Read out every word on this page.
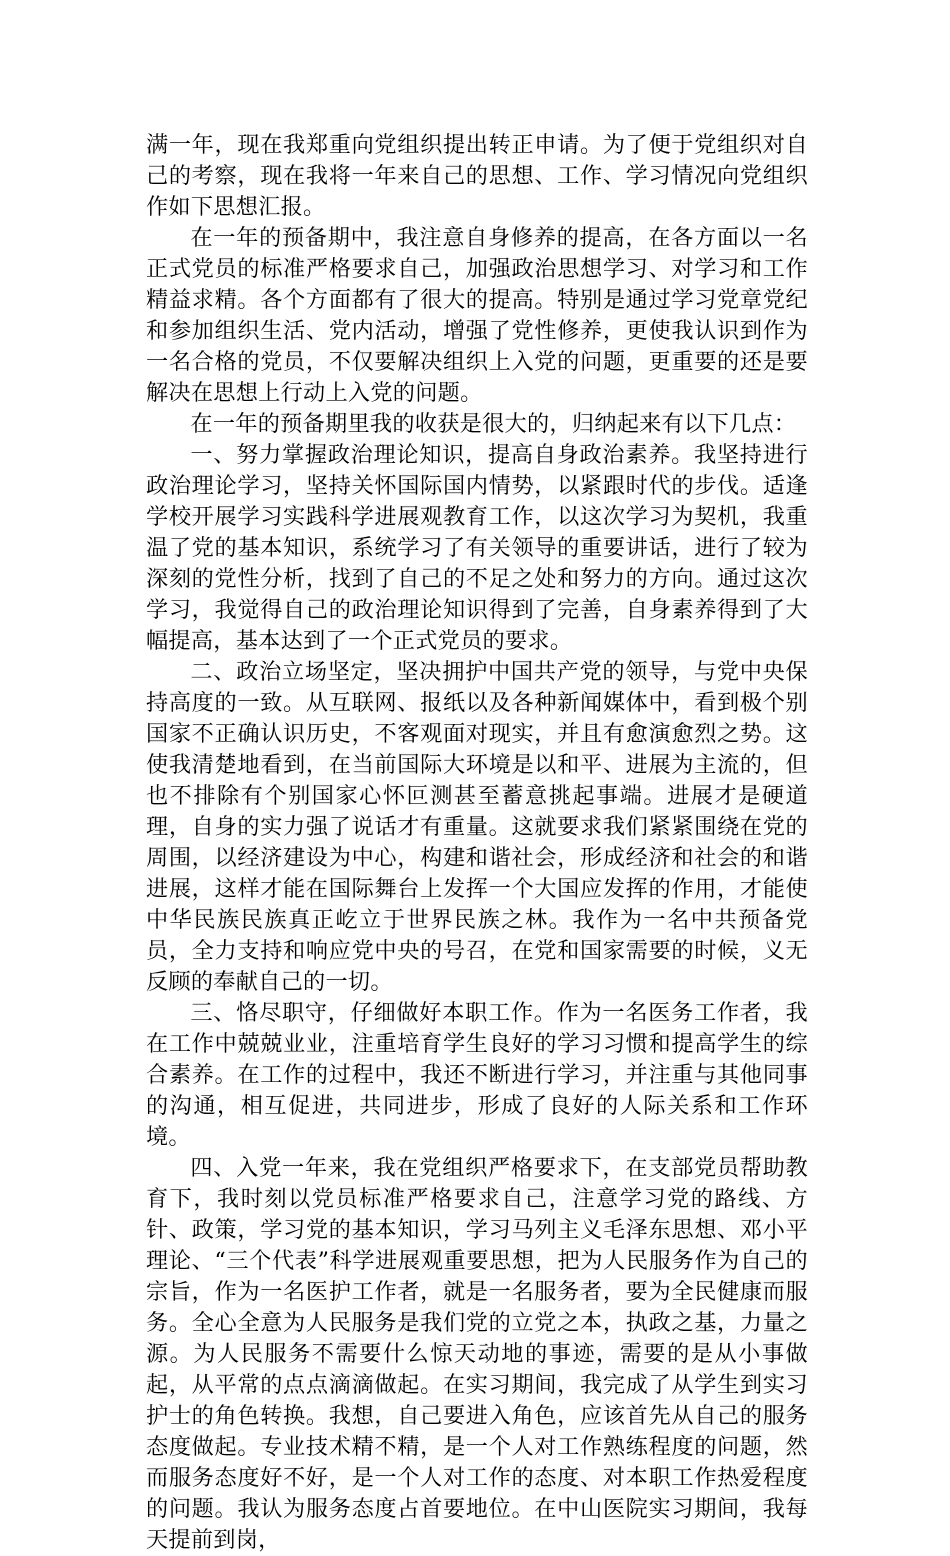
满一年，现在我郑重向党组织提出转正申请。为了便于党组织对自己的考察，现在我将一年来自己的思想、工作、学习情况向党组织作如下思想汇报。

在一年的预备期中，我注意自身修养的提高，在各方面以一名正式党员的标准严格要求自己，加强政治思想学习、对学习和工作精益求精。各个方面都有了很大的提高。特别是通过学习党章党纪和参加组织生活、党内活动，增强了党性修养，更使我认识到作为一名合格的党员，不仅要解决组织上入党的问题，更重要的还是要解决在思想上行动上入党的问题。

在一年的预备期里我的收获是很大的，归纳起来有以下几点：

一、努力掌握政治理论知识，提高自身政治素养。我坚持进行政治理论学习，坚持关怀国际国内情势，以紧跟时代的步伐。适逢学校开展学习实践科学进展观教育工作，以这次学习为契机，我重温了党的基本知识，系统学习了有关领导的重要讲话，进行了较为深刻的党性分析，找到了自己的不足之处和努力的方向。通过这次学习，我觉得自己的政治理论知识得到了完善，自身素养得到了大幅提高，基本达到了一个正式党员的要求。

二、政治立场坚定，坚决拥护中国共产党的领导，与党中央保持高度的一致。从互联网、报纸以及各种新闻媒体中，看到极个别国家不正确认识历史，不客观面对现实，并且有愈演愈烈之势。这使我清楚地看到，在当前国际大环境是以和平、进展为主流的，但也不排除有个别国家心怀叵测甚至蓄意挑起事端。进展才是硬道理，自身的实力强了说话才有重量。这就要求我们紧紧围绕在党的周围，以经济建设为中心，构建和谐社会，形成经济和社会的和谐进展，这样才能在国际舞台上发挥一个大国应发挥的作用，才能使中华民族民族真正屹立于世界民族之林。我作为一名中共预备党员，全力支持和响应党中央的号召，在党和国家需要的时候，义无反顾的奉献自己的一切。

三、恪尽职守，仔细做好本职工作。作为一名医务工作者，我在工作中兢兢业业，注重培育学生良好的学习习惯和提高学生的综合素养。在工作的过程中，我还不断进行学习，并注重与其他同事的沟通，相互促进，共同进步，形成了良好的人际关系和工作环境。

四、入党一年来，我在党组织严格要求下，在支部党员帮助教育下，我时刻以党员标准严格要求自己，注意学习党的路线、方针、政策，学习党的基本知识，学习马列主义毛泽东思想、邓小平理论、“三个代表”科学进展观重要思想，把为人民服务作为自己的宗旨，作为一名医护工作者，就是一名服务者，要为全民健康而服务。全心全意为人民服务是我们党的立党之本，执政之基，力量之源。为人民服务不需要什么惊天动地的事迹，需要的是从小事做起，从平常的点点滴滴做起。在实习期间，我完成了从学生到实习护士的角色转换。我想，自己要进入角色，应该首先从自己的服务态度做起。专业技术精不精，是一个人对工作熟练程度的问题，然而服务态度好不好，是一个人对工作的态度、对本职工作热爱程度的问题。我认为服务态度占首要地位。在中山医院实习期间，我每天提前到岗，
